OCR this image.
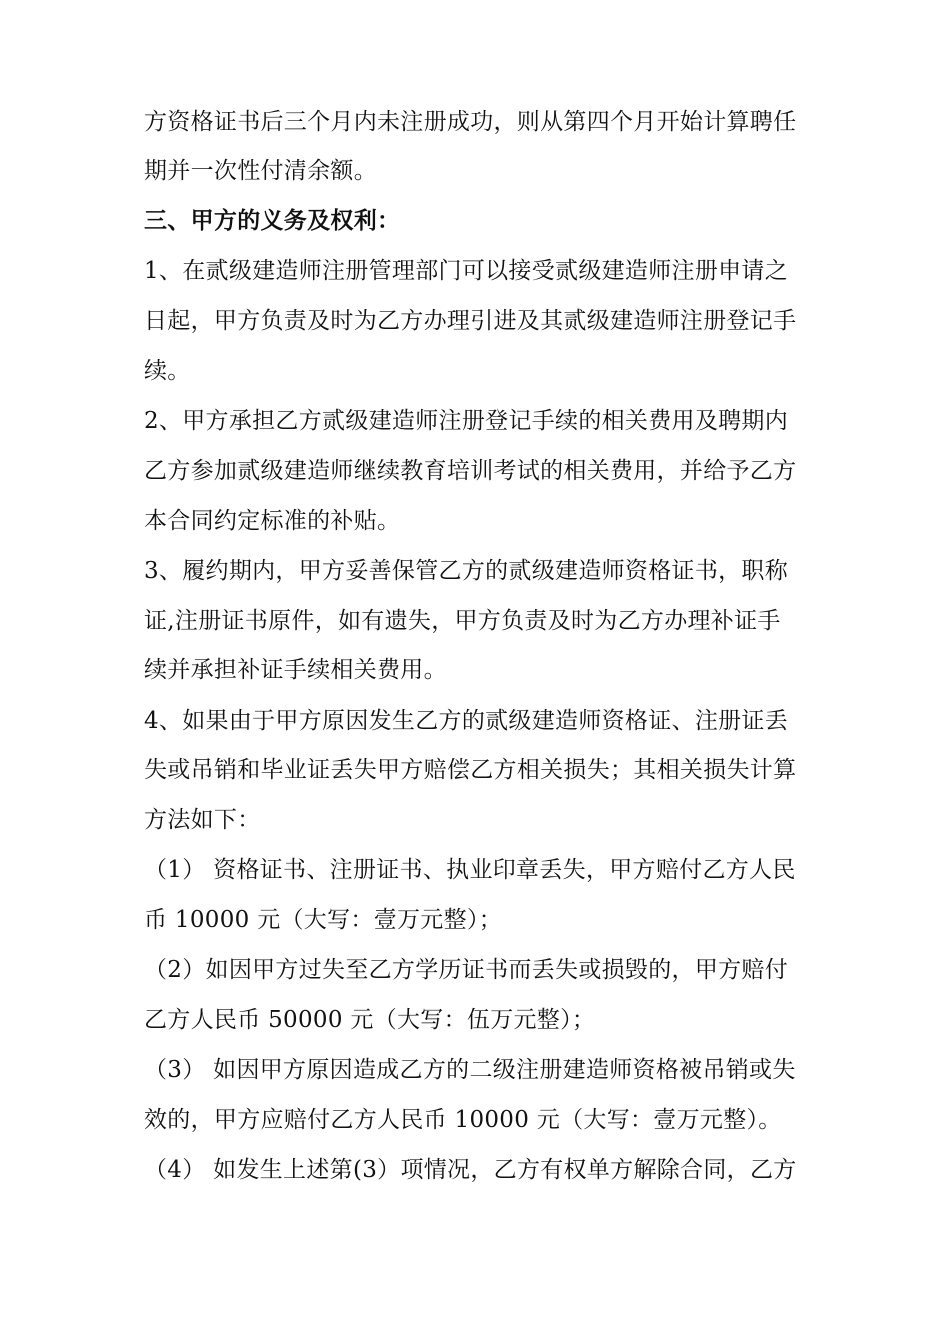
方资格证书后三个月内未注册成功，则从第四个月开始计算聘任
期并一次性付清余额。
三、甲方的义务及权利：
1、在贰级建造师注册管理部门可以接受贰级建造师注册申请之
日起，甲方负责及时为乙方办理引进及其贰级建造师注册登记手
续。
2、甲方承担乙方贰级建造师注册登记手续的相关费用及聘期内
乙方参加贰级建造师继续教育培训考试的相关费用，并给予乙方
本合同约定标准的补贴。
3、履约期内，甲方妥善保管乙方的贰级建造师资格证书，职称
证,注册证书原件，如有遗失，甲方负责及时为乙方办理补证手
续并承担补证手续相关费用。
4、如果由于甲方原因发生乙方的贰级建造师资格证、注册证丢
失或吊销和毕业证丢失甲方赔偿乙方相关损失；其相关损失计算
方法如下：
（1） 资格证书、注册证书、执业印章丢失，甲方赔付乙方人民
币 10000 元（大写：壹万元整）；
（2）如因甲方过失至乙方学历证书而丢失或损毁的，甲方赔付
乙方人民币 50000 元（大写：伍万元整）；
（3） 如因甲方原因造成乙方的二级注册建造师资格被吊销或失
效的，甲方应赔付乙方人民币 10000 元（大写：壹万元整）。
（4） 如发生上述第(3）项情况，乙方有权单方解除合同，乙方
